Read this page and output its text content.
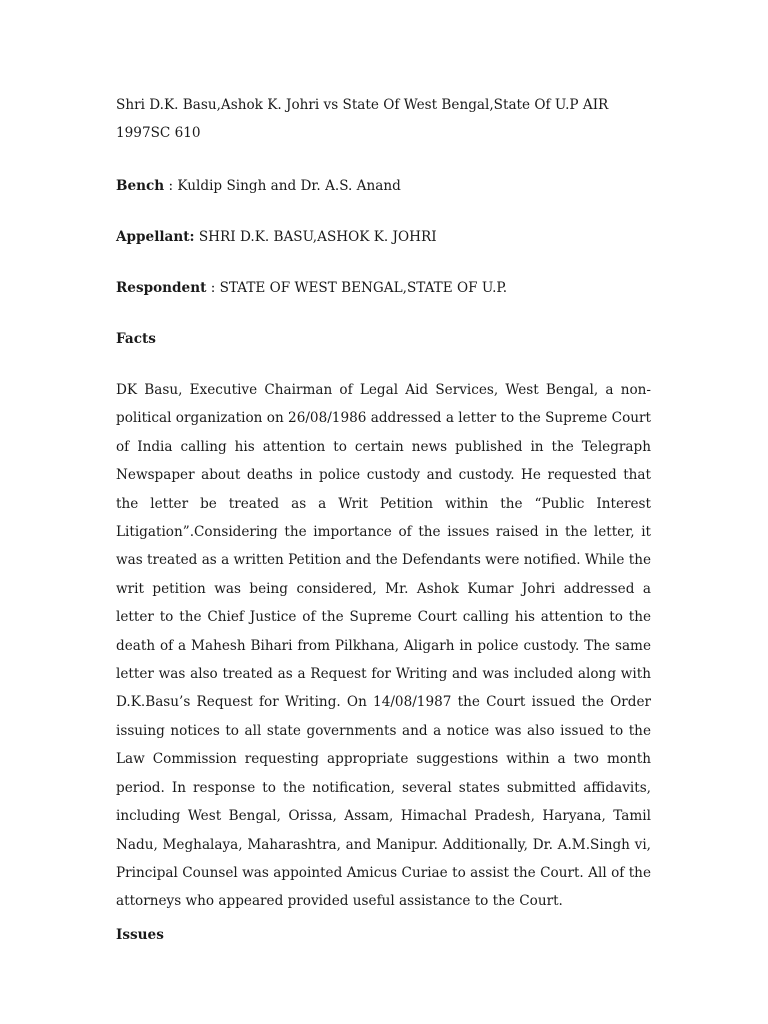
Shri D.K. Basu,Ashok K. Johri vs State Of West Bengal,State Of U.P AIR 1997SC 610

Bench : Kuldip Singh and Dr. A.S. Anand

Appellant: SHRI D.K. BASU,ASHOK K. JOHRI

Respondent : STATE OF WEST BENGAL,STATE OF U.P.

Facts

DK Basu, Executive Chairman of Legal Aid Services, West Bengal, a non-political organization on 26/08/1986 addressed a letter to the Supreme Court of India calling his attention to certain news published in the Telegraph Newspaper about deaths in police custody and custody. He requested that the letter be treated as a Writ Petition within the “Public Interest Litigation”.Considering the importance of the issues raised in the letter, it was treated as a written Petition and the Defendants were notified. While the writ petition was being considered, Mr. Ashok Kumar Johri addressed a letter to the Chief Justice of the Supreme Court calling his attention to the death of a Mahesh Bihari from Pilkhana, Aligarh in police custody. The same letter was also treated as a Request for Writing and was included along with D.K.Basu’s Request for Writing. On 14/08/1987 the Court issued the Order issuing notices to all state governments and a notice was also issued to the Law Commission requesting appropriate suggestions within a two month period. In response to the notification, several states submitted affidavits, including West Bengal, Orissa, Assam, Himachal Pradesh, Haryana, Tamil Nadu, Meghalaya, Maharashtra, and Manipur. Additionally, Dr. A.M.Singh vi, Principal Counsel was appointed Amicus Curiae to assist the Court. All of the attorneys who appeared provided useful assistance to the Court.

Issues
